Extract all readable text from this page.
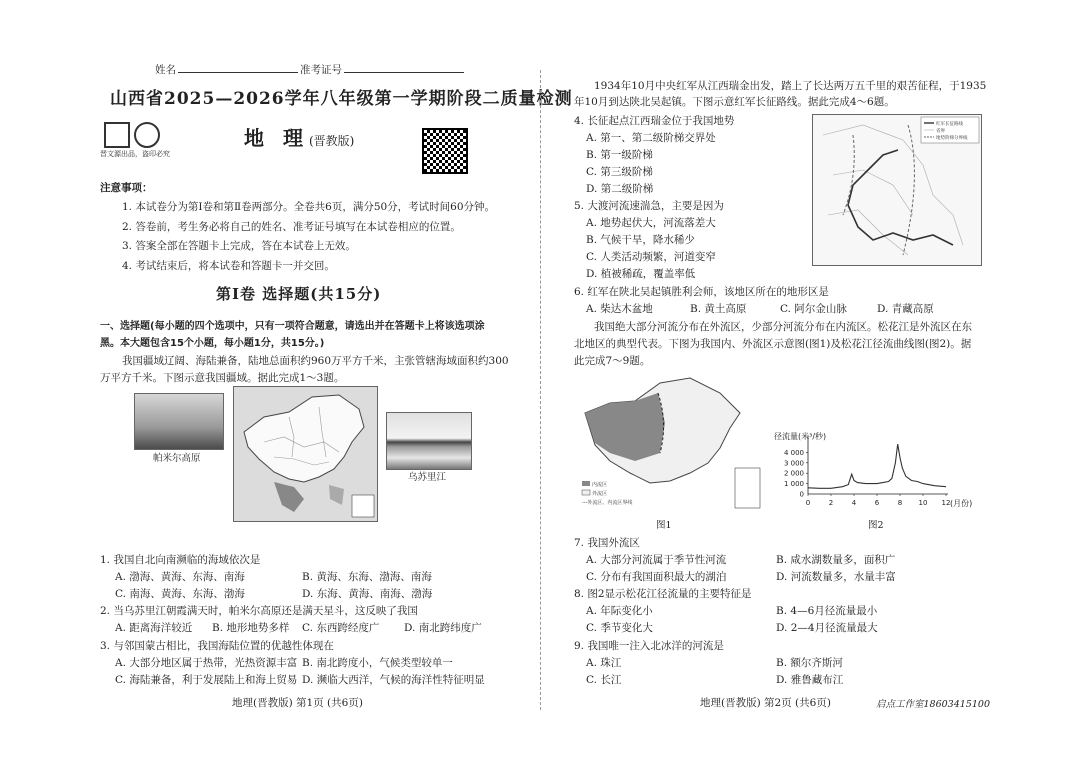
姓名	准考证号
山西省2025—2026学年八年级第一学期阶段二质量检测
晋文源出品，盗印必究
地 理(晋教版)
注意事项：
1. 本试卷分为第Ⅰ卷和第Ⅱ卷两部分。全卷共6页，满分50分，考试时间60分钟。
2. 答卷前，考生务必将自己的姓名、准考证号填写在本试卷相应的位置。
3. 答案全部在答题卡上完成，答在本试卷上无效。
4. 考试结束后，将本试卷和答题卡一并交回。
第Ⅰ卷 选择题(共15分)
一、选择题(每小题的四个选项中，只有一项符合题意，请选出并在答题卡上将该选项涂
黑。本大题包含15个小题，每小题1分，共15分。)
我国疆域辽阔、海陆兼备，陆地总面积约960万平方千米，主张管辖海域面积约300
万平方千米。下图示意我国疆域。据此完成1～3题。
帕米尔高原
乌苏里江
1. 我国自北向南濒临的海域依次是
A. 渤海、黄海、东海、南海	B. 黄海、东海、渤海、南海
C. 南海、黄海、东海、渤海	D. 东海、黄海、南海、渤海
2. 当乌苏里江朝霞满天时，帕米尔高原还是满天星斗，这反映了我国
A. 距离海洋较近 B. 地形地势多样 C. 东西跨经度广 D. 南北跨纬度广
3. 与邻国蒙古相比，我国海陆位置的优越性体现在
A. 大部分地区属于热带，光热资源丰富 B. 南北跨度小，气候类型较单一
C. 海陆兼备，利于发展陆上和海上贸易 D. 濒临大西洋，气候的海洋性特征明显
地理(晋教版) 第1页 (共6页)
1934年10月中央红军从江西瑞金出发，踏上了长达两万五千里的艰苦征程，于1935
年10月到达陕北吴起镇。下图示意红军长征路线。据此完成4～6题。
4. 长征起点江西瑞金位于我国地势
A. 第一、第二级阶梯交界处
B. 第一级阶梯
C. 第三级阶梯
D. 第二级阶梯
5. 大渡河流速湍急，主要是因为
A. 地势起伏大，河流落差大
B. 气候干旱，降水稀少
C. 人类活动频繁，河道变窄
D. 植被稀疏，覆盖率低
6. 红军在陕北吴起镇胜利会师，该地区所在的地形区是
A. 柴达木盆地	B. 黄土高原	C. 阿尔金山脉	D. 青藏高原
红军长征路线
省界
地势阶梯分界线
我国绝大部分河流分布在外流区，少部分河流分布在内流区。松花江是外流区在东
北地区的典型代表。下图为我国内、外流区示意图(图1)及松花江径流曲线图(图2)。据
此完成7～9题。
内流区
外流区
---外流区、内流区界线
图1
径流量(米³/秒)
1 000
2 000
3 000
4 000
0
0	2	4	6	8 10 12 (月份)
图2
7. 我国外流区
A. 大部分河流属于季节性河流	B. 咸水湖数量多，面积广
C. 分布有我国面积最大的湖泊	D. 河流数量多，水量丰富
8. 图2显示松花江径流量的主要特征是
A. 年际变化小	B. 4—6月径流量最小
C. 季节变化大	D. 2—4月径流量最大
9. 我国唯一注入北冰洋的河流是
A. 珠江	B. 额尔齐斯河
C. 长江	D. 雅鲁藏布江
地理(晋教版) 第2页 (共6页)	启点工作室18603415100
